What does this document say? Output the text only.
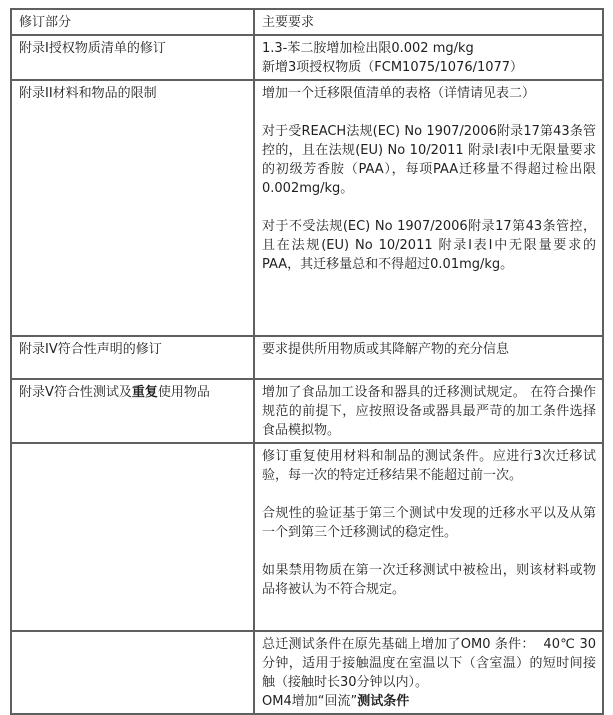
修订部分	主要要求
附录I授权物质清单的修订	1.3-苯二胺增加检出限0.002 mg/kg
新增3项授权物质（FCM1075/1076/1077）

附录II材料和物品的限制	增加一个迁移限值清单的表格（详情请见表二）
对于受REACH法规(EC) No 1907/2006附录17第43条管控的，且在法规(EU) No 10/2011 附录I表I中无限量要求的初级芳香胺（PAA），每项PAA迁移量不得超过检出限0.002mg/kg。
对于不受法规(EC) No 1907/2006附录17第43条管控，且在法规(EU) No 10/2011 附录I表I中无限量要求的PAA，其迁移量总和不得超过0.01mg/kg。

附录IV符合性声明的修订	要求提供所用物质或其降解产物的充分信息

附录V符合性测试及重复使用物品	增加了食品加工设备和器具的迁移测试规定。 在符合操作规范的前提下，应按照设备或器具最严苛的加工条件选择食品模拟物。

	修订重复使用材料和制品的测试条件。应进行3次迁移试验，每一次的特定迁移结果不能超过前一次。
合规性的验证基于第三个测试中发现的迁移水平以及从第一个到第三个迁移测试的稳定性。
如果禁用物质在第一次迁移测试中被检出，则该材料或物品将被认为不符合规定。

	总迁测试条件在原先基础上增加了OM0 条件：  40℃ 30分钟，适用于接触温度在室温以下（含室温）的短时间接触（接触时长30分钟以内）。
OM4增加“回流”测试条件
